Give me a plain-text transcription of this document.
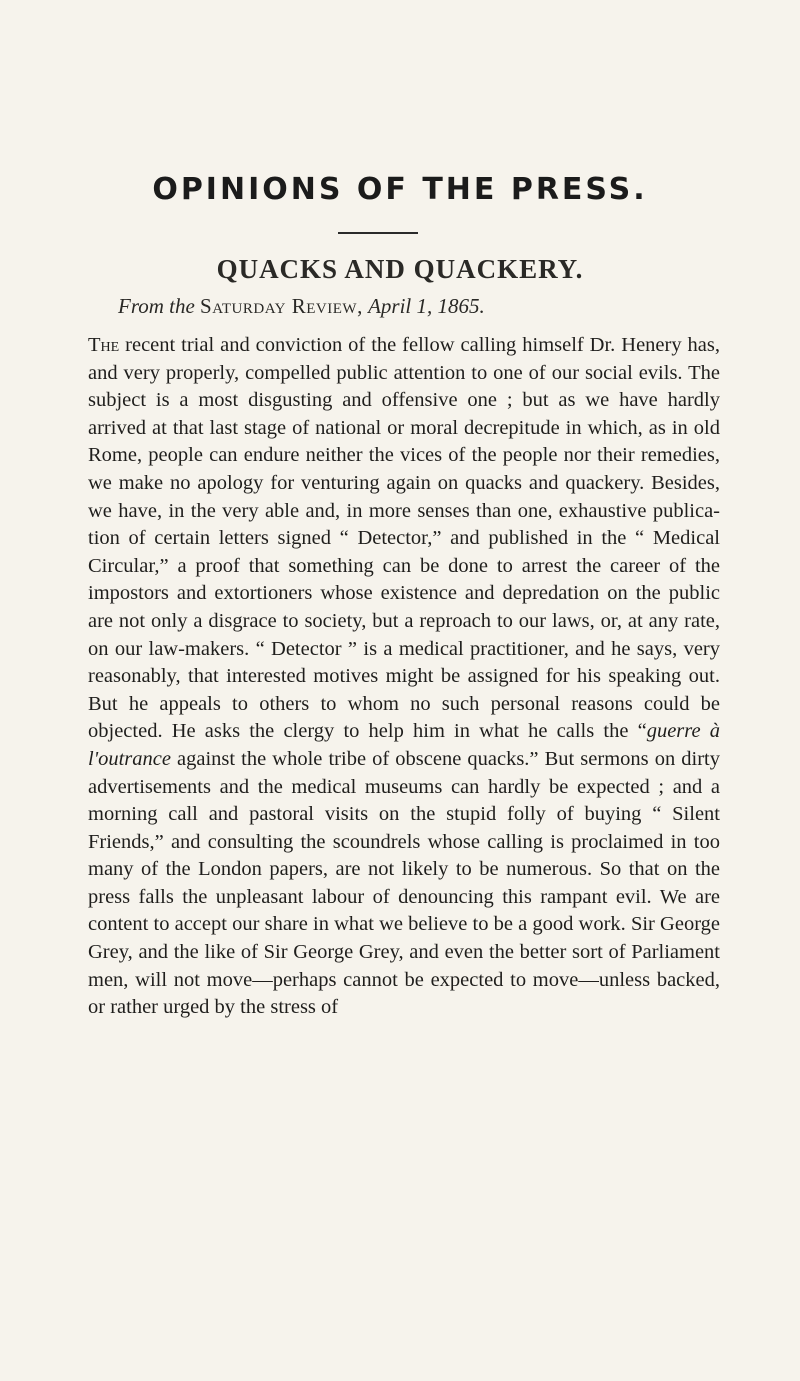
OPINIONS OF THE PRESS.
QUACKS AND QUACKERY.

From the Saturday Review, April 1, 1865.

The recent trial and conviction of the fellow calling himself Dr. Henery has, and very properly, compelled public attention to one of our social evils. The subject is a most disgusting and offensive one ; but as we have hardly arrived at that last stage of national or moral decrepitude in which, as in old Rome, people can endure neither the vices of the people nor their remedies, we make no apology for venturing again on quacks and quackery. Besides, we have, in the very able and, in more senses than one, exhaustive publication of certain letters signed “ Detector,” and published in the “ Medical Circular,” a proof that something can be done to arrest the career of the impostors and extortioners whose existence and depredation on the public are not only a disgrace to society, but a reproach to our laws, or, at any rate, on our law-makers. “ Detector ” is a medical practitioner, and he says, very reasonably, that interested motives might be assigned for his speaking out. But he appeals to others to whom no such personal reasons could be objected. He asks the clergy to help him in what he calls the “guerre à l'outrance against the whole tribe of obscene quacks.” But sermons on dirty advertisements and the medical museums can hardly be expected ; and a morning call and pastoral visits on the stupid folly of buying “ Silent Friends,” and consulting the scoundrels whose calling is proclaimed in too many of the London papers, are not likely to be numerous. So that on the press falls the unpleasant labour of denouncing this rampant evil. We are content to accept our share in what we believe to be a good work. Sir George Grey, and the like of Sir George Grey, and even the better sort of Parliament men, will not move—perhaps cannot be expected to move—unless backed, or rather urged by the stress of
